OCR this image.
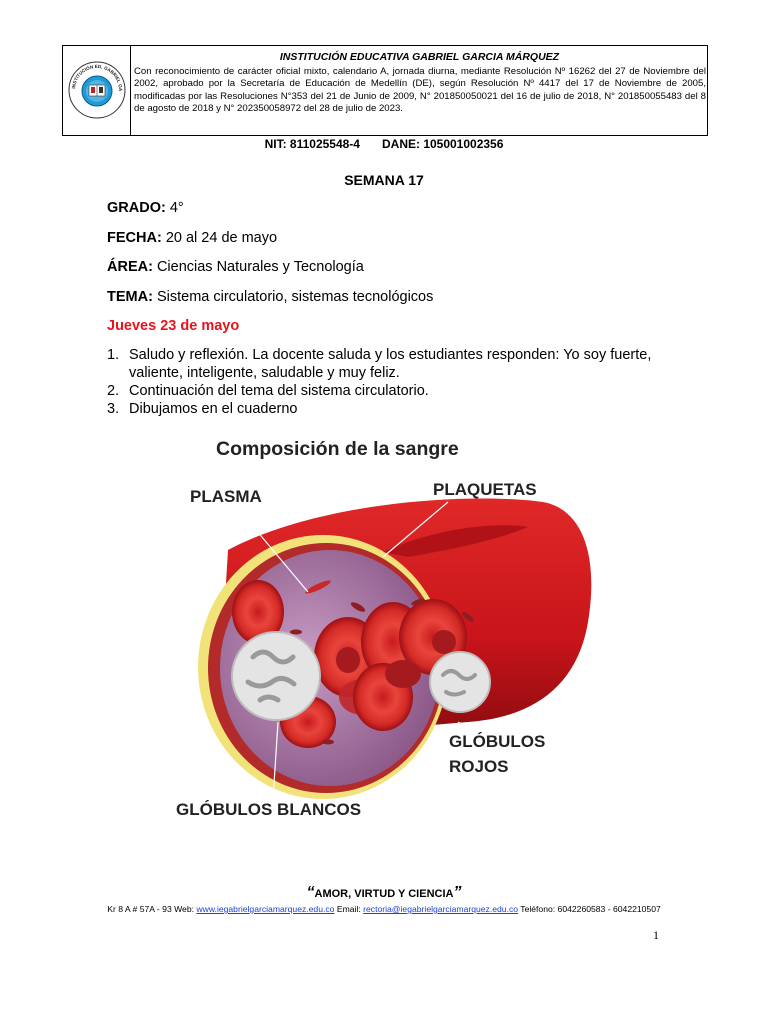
INSTITUCIÓN ED. GABRIEL GA
INSTITUCIÓN EDUCATIVA GABRIEL GARCIA MÁRQUEZ
Con reconocimiento de carácter oficial mixto, calendario A, jornada diurna, mediante Resolución Nº 16262 del 27 de Noviembre del 2002, aprobado por la Secretaría de Educación de Medellín (DE), según Resolución Nº 4417 del 17 de Noviembre de 2005, modificadas por las Resoluciones N°353 del 21 de Junio de 2009, N° 201850050021 del 16 de julio de 2018, N° 201850055483 del 8 de agosto de 2018 y N° 202350058972 del 28 de julio de 2023.
NIT: 811025548-4 DANE: 105001002356
SEMANA 17
GRADO: 4°
FECHA: 20 al 24 de mayo
ÁREA: Ciencias Naturales y Tecnología
TEMA: Sistema circulatorio, sistemas tecnológicos
Jueves 23 de mayo
1. Saludo y reflexión. La docente saluda y los estudiantes responden: Yo soy fuerte, valiente, inteligente, saludable y muy feliz.
2. Continuación del tema del sistema circulatorio.
3. Dibujamos en el cuaderno
Composición de la sangre
PLASMA	PLAQUETAS
GLÓBULOS
ROJOS
GLÓBULOS BLANCOS
“AMOR, VIRTUD Y CIENCIA”
Kr 8 A # 57A - 93 Web: www.iegabrielgarciamarquez.edu.co Email: rectoria@iegabrielgarciamarquez.edu.co Teléfono: 6042260583 - 6042210507
1
